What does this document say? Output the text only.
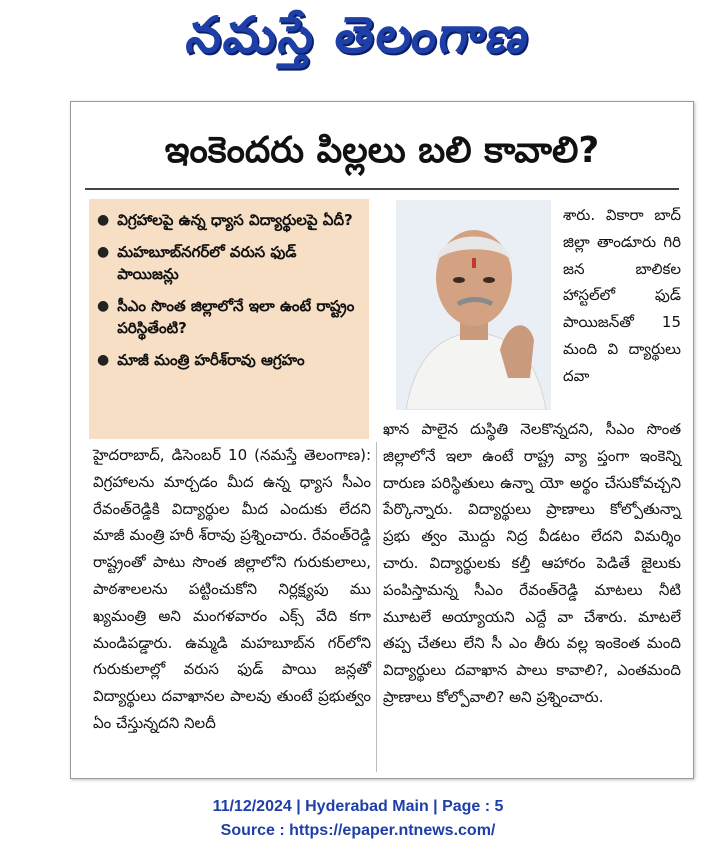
నమస్తే తెలంగాణ
ఇంకెందరు పిల్లలు బలి కావాలి?
● విగ్రహాలపై ఉన్న ధ్యాస విద్యార్థులపై ఏదీ?
● మహబూబ్‌నగర్‌లో వరుస ఫుడ్ పాయిజన్లు
● సీఎం సొంత జిల్లాలోనే ఇలా ఉంటే రాష్ట్రం పరిస్థితేంటి?
● మాజీ మంత్రి హరీశ్‌రావు ఆగ్రహం
శారు. వికారా బాద్ జిల్లా తాండూరు గిరి జన బాలికల హాస్టల్‌లో ఫుడ్ పాయిజన్‌తో 15 మంది వి ద్యార్థులు దవా
ఖాన పాలైన దుస్థితి నెలకొన్నదని, సీఎం సొంత జిల్లాలోనే ఇలా ఉంటే రాష్ట్ర వ్యా ప్తంగా ఇంకెన్ని దారుణ పరిస్థితులు ఉన్నా యో అర్థం చేసుకోవచ్చని పేర్కొన్నారు. విద్యార్థులు ప్రాణాలు కోల్పోతున్నా ప్రభు త్వం మొద్దు నిద్ర వీడటం లేదని విమర్శిం చారు. విద్యార్థులకు కల్తీ ఆహారం పెడితే జైలుకు పంపిస్తామన్న సీఎం రేవంత్‌రెడ్డి మాటలు నీటి మూటలే అయ్యాయని ఎద్దే వా చేశారు. మాటలే తప్ప చేతలు లేని సీ ఎం తీరు వల్ల ఇంకెంత మంది విద్యార్థులు దవాఖాన పాలు కావాలి?, ఎంతమంది ప్రాణాలు కోల్పోవాలి? అని ప్రశ్నించారు.
హైదరాబాద్, డిసెంబర్ 10 (నమస్తే తెలంగాణ): విగ్రహాలను మార్చడం మీద ఉన్న ధ్యాస సీఎం రేవంత్‌రెడ్డికి విద్యార్థుల మీద ఎందుకు లేదని మాజీ మంత్రి హరీ శ్‌రావు ప్రశ్నించారు. రేవంత్‌రెడ్డి రాష్ట్రంతో పాటు సొంత జిల్లాలోని గురుకులాలు, పాఠశాలలను పట్టించుకోని నిర్లక్ష్యపు ము ఖ్యమంత్రి అని మంగళవారం ఎక్స్ వేది కగా మండిపడ్డారు. ఉమ్మడి మహబూబ్‌న గర్‌లోని గురుకులాల్లో వరుస ఫుడ్ పాయి జన్లతో విద్యార్థులు దవాఖానల పాలవు తుంటే ప్రభుత్వం ఏం చేస్తున్నదని నిలదీ
11/12/2024 | Hyderabad Main | Page : 5
Source : https://epaper.ntnews.com/
